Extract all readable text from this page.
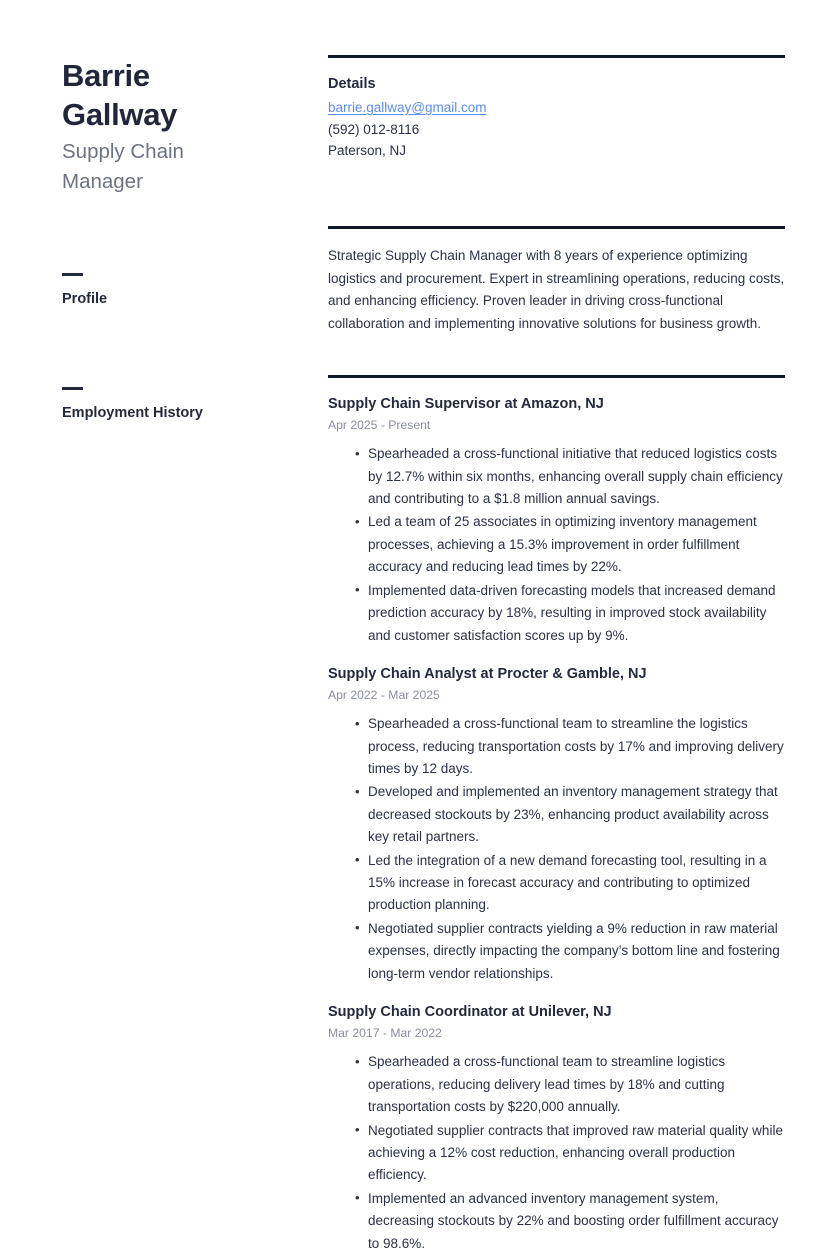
Barrie Gallway
Supply Chain Manager
Profile
Employment History
Details
barrie.gallway@gmail.com
(592) 012-8116
Paterson, NJ

Strategic Supply Chain Manager with 8 years of experience optimizing logistics and procurement. Expert in streamlining operations, reducing costs, and enhancing efficiency. Proven leader in driving cross-functional collaboration and implementing innovative solutions for business growth.

Supply Chain Supervisor at Amazon, NJ
Apr 2025 - Present
• Spearheaded a cross-functional initiative that reduced logistics costs by 12.7% within six months, enhancing overall supply chain efficiency and contributing to a $1.8 million annual savings.
• Led a team of 25 associates in optimizing inventory management processes, achieving a 15.3% improvement in order fulfillment accuracy and reducing lead times by 22%.
• Implemented data-driven forecasting models that increased demand prediction accuracy by 18%, resulting in improved stock availability and customer satisfaction scores up by 9%.
Supply Chain Analyst at Procter & Gamble, NJ
Apr 2022 - Mar 2025
• Spearheaded a cross-functional team to streamline the logistics process, reducing transportation costs by 17% and improving delivery times by 12 days.
• Developed and implemented an inventory management strategy that decreased stockouts by 23%, enhancing product availability across key retail partners.
• Led the integration of a new demand forecasting tool, resulting in a 15% increase in forecast accuracy and contributing to optimized production planning.
• Negotiated supplier contracts yielding a 9% reduction in raw material expenses, directly impacting the company’s bottom line and fostering long-term vendor relationships.
Supply Chain Coordinator at Unilever, NJ
Mar 2017 - Mar 2022
• Spearheaded a cross-functional team to streamline logistics operations, reducing delivery lead times by 18% and cutting transportation costs by $220,000 annually.
• Negotiated supplier contracts that improved raw material quality while achieving a 12% cost reduction, enhancing overall production efficiency.
• Implemented an advanced inventory management system, decreasing stockouts by 22% and boosting order fulfillment accuracy to 98.6%.
